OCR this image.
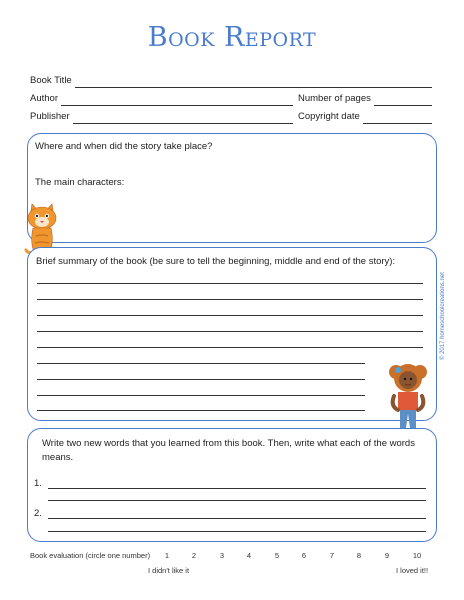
Book Report
Book Title
Author	Number of pages
Publisher	Copyright date
Where and when did the story take place?
The main characters:
Brief summary of the book (be sure to tell the beginning, middle and end of the story):
Write two new words that you learned from this book. Then, write what each of the words means.
1.
2.
© 2017 homeschoolcreations.net
Book evaluation (circle one number)	1	2	3	4	5	6	7	8	9	10
I didn't like it	I loved it!!
